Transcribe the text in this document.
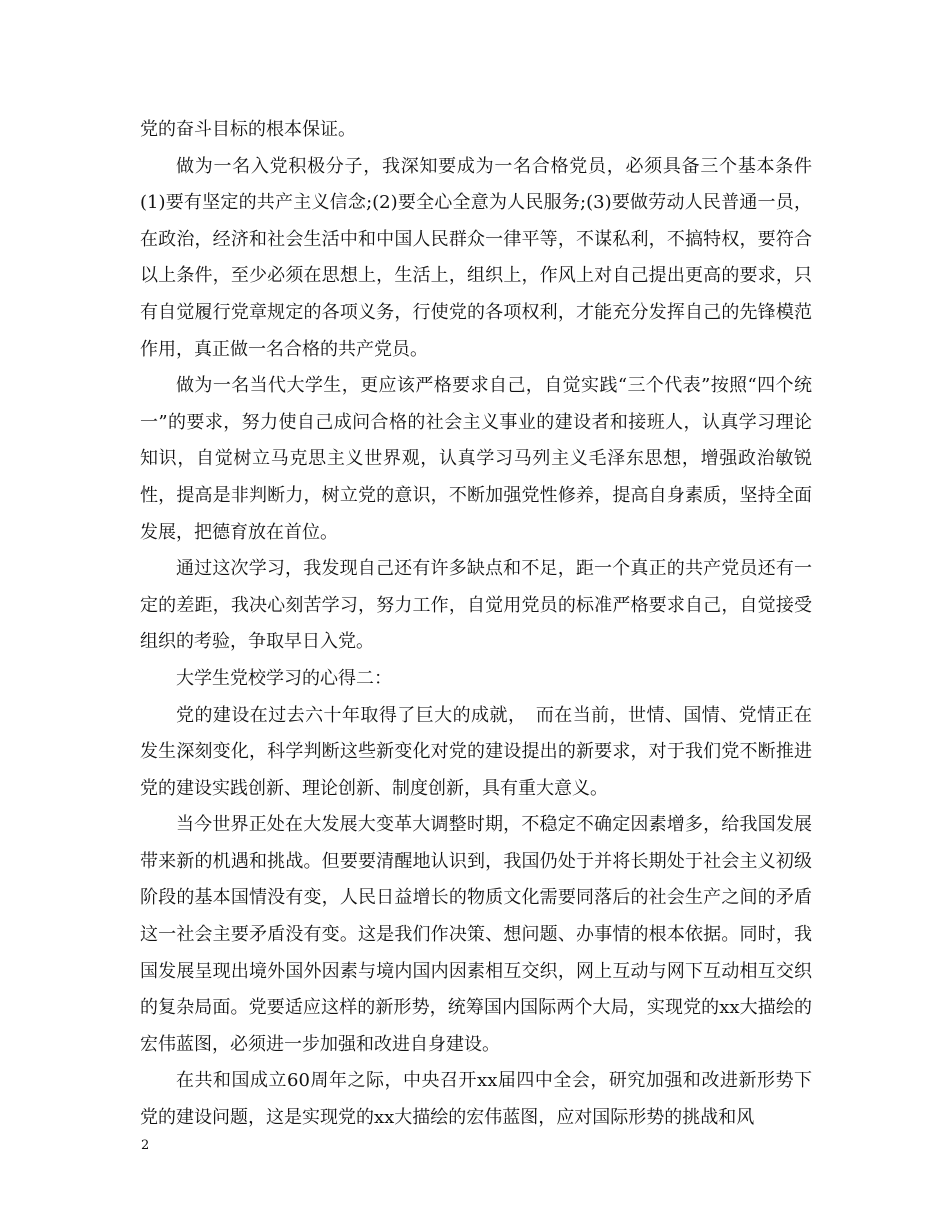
党的奋斗目标的根本保证。

做为一名入党积极分子，我深知要成为一名合格党员，必须具备三个基本条件(1)要有坚定的共产主义信念;(2)要全心全意为人民服务;(3)要做劳动人民普通一员，在政治，经济和社会生活中和中国人民群众一律平等，不谋私利，不搞特权，要符合以上条件，至少必须在思想上，生活上，组织上，作风上对自己提出更高的要求，只有自觉履行党章规定的各项义务，行使党的各项权利，才能充分发挥自己的先锋模范作用，真正做一名合格的共产党员。

做为一名当代大学生，更应该严格要求自己，自觉实践“三个代表”按照“四个统一”的要求，努力使自己成问合格的社会主义事业的建设者和接班人，认真学习理论知识，自觉树立马克思主义世界观，认真学习马列主义毛泽东思想，增强政治敏锐性，提高是非判断力，树立党的意识，不断加强党性修养，提高自身素质，坚持全面发展，把德育放在首位。

通过这次学习，我发现自己还有许多缺点和不足，距一个真正的共产党员还有一定的差距，我决心刻苦学习，努力工作，自觉用党员的标准严格要求自己，自觉接受组织的考验，争取早日入党。

大学生党校学习的心得二：

党的建设在过去六十年取得了巨大的成就，　而在当前，世情、国情、党情正在发生深刻变化，科学判断这些新变化对党的建设提出的新要求，对于我们党不断推进党的建设实践创新、理论创新、制度创新，具有重大意义。

当今世界正处在大发展大变革大调整时期，不稳定不确定因素增多，给我国发展带来新的机遇和挑战。但要要清醒地认识到，我国仍处于并将长期处于社会主义初级阶段的基本国情没有变，人民日益增长的物质文化需要同落后的社会生产之间的矛盾这一社会主要矛盾没有变。这是我们作决策、想问题、办事情的根本依据。同时，我国发展呈现出境外国外因素与境内国内因素相互交织，网上互动与网下互动相互交织的复杂局面。党要适应这样的新形势，统筹国内国际两个大局，实现党的xx大描绘的宏伟蓝图，必须进一步加强和改进自身建设。

在共和国成立60周年之际，中央召开xx届四中全会，研究加强和改进新形势下党的建设问题，这是实现党的xx大描绘的宏伟蓝图，应对国际形势的挑战和风

2
